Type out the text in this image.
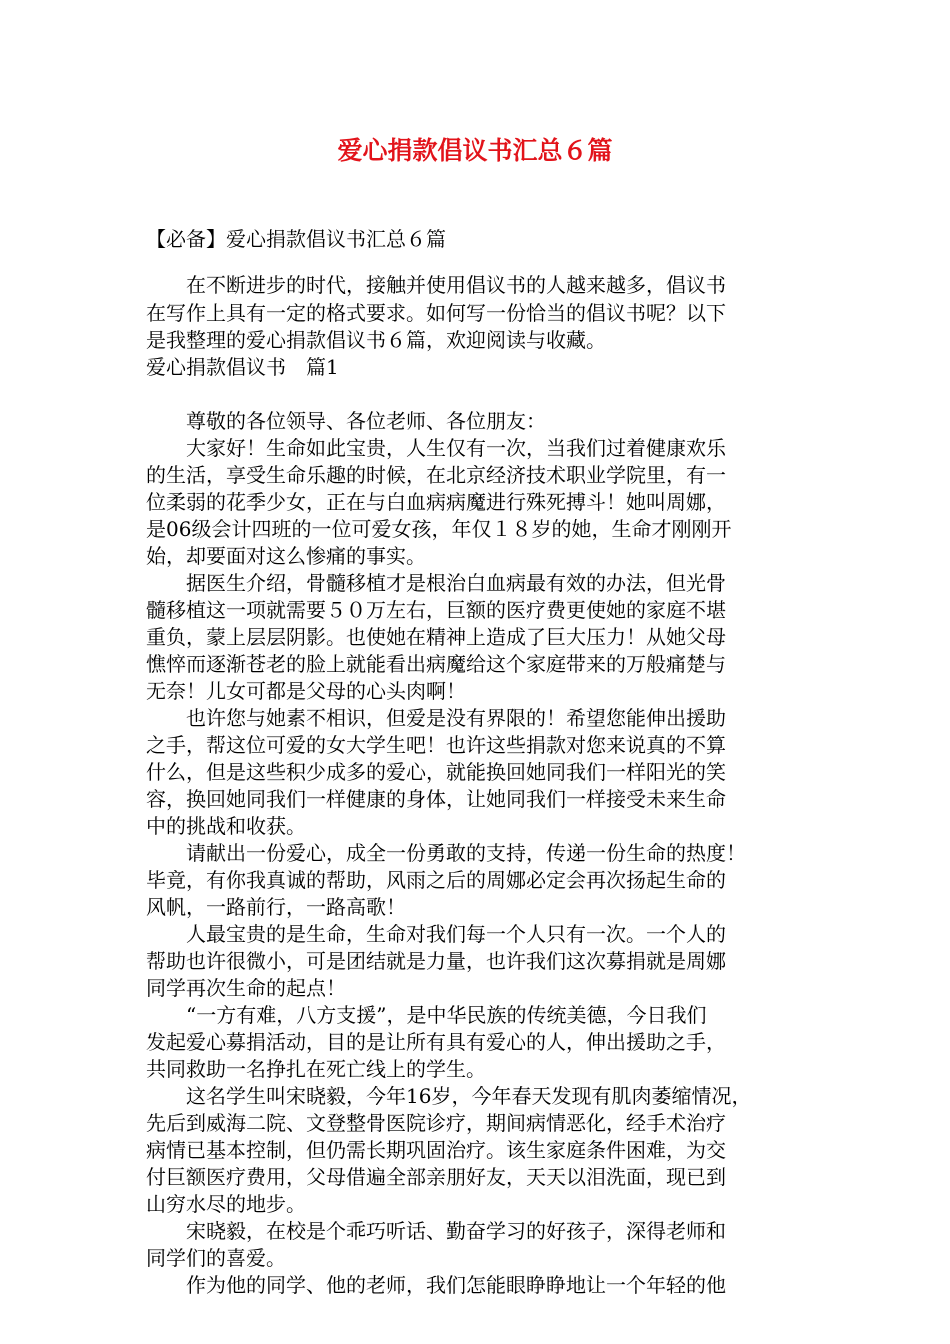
爱心捐款倡议书汇总６篇
【必备】爱心捐款倡议书汇总６篇
　　在不断进步的时代，接触并使用倡议书的人越来越多，倡议书
在写作上具有一定的格式要求。如何写一份恰当的倡议书呢？以下
是我整理的爱心捐款倡议书６篇，欢迎阅读与收藏。
爱心捐款倡议书　篇1
　　尊敬的各位领导、各位老师、各位朋友：
　　大家好！生命如此宝贵，人生仅有一次，当我们过着健康欢乐
的生活，享受生命乐趣的时候，在北京经济技术职业学院里，有一
位柔弱的花季少女，正在与白血病病魔进行殊死搏斗！她叫周娜，
是06级会计四班的一位可爱女孩，年仅１８岁的她，生命才刚刚开
始，却要面对这么惨痛的事实。
　　据医生介绍，骨髓移植才是根治白血病最有效的办法，但光骨
髓移植这一项就需要５０万左右，巨额的医疗费更使她的家庭不堪
重负，蒙上层层阴影。也使她在精神上造成了巨大压力！从她父母
憔悴而逐渐苍老的脸上就能看出病魔给这个家庭带来的万般痛楚与
无奈！儿女可都是父母的心头肉啊！
　　也许您与她素不相识，但爱是没有界限的！希望您能伸出援助
之手，帮这位可爱的女大学生吧！也许这些捐款对您来说真的不算
什么，但是这些积少成多的爱心，就能换回她同我们一样阳光的笑
容，换回她同我们一样健康的身体，让她同我们一样接受未来生命
中的挑战和收获。
　　请献出一份爱心，成全一份勇敢的支持，传递一份生命的热度！
毕竟，有你我真诚的帮助，风雨之后的周娜必定会再次扬起生命的
风帆，一路前行，一路高歌！
　　人最宝贵的是生命，生命对我们每一个人只有一次。一个人的
帮助也许很微小，可是团结就是力量，也许我们这次募捐就是周娜
同学再次生命的起点！
　　“一方有难，八方支援”，是中华民族的传统美德，今日我们
发起爱心募捐活动，目的是让所有具有爱心的人，伸出援助之手，
共同救助一名挣扎在死亡线上的学生。
　　这名学生叫宋晓毅，今年16岁，今年春天发现有肌肉萎缩情况，
先后到威海二院、文登整骨医院诊疗，期间病情恶化，经手术治疗
病情已基本控制，但仍需长期巩固治疗。该生家庭条件困难，为交
付巨额医疗费用，父母借遍全部亲朋好友，天天以泪洗面，现已到
山穷水尽的地步。
　　宋晓毅，在校是个乖巧听话、勤奋学习的好孩子，深得老师和
同学们的喜爱。
　　作为他的同学、他的老师，我们怎能眼睁睁地让一个年轻的他
